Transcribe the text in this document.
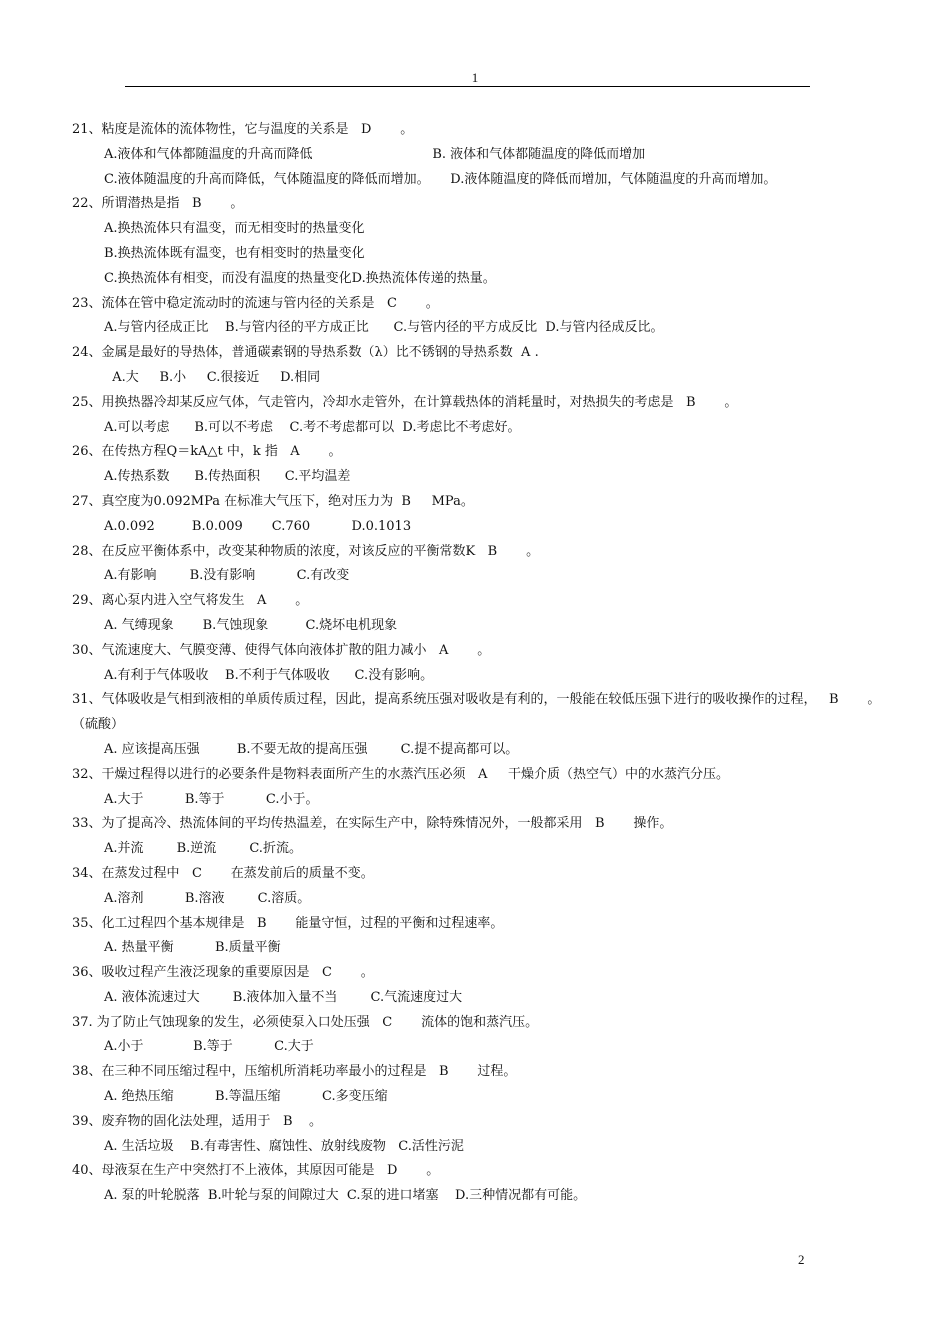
1
21、粘度是流体的流体物性，它与温度的关系是   D       。
A.液体和气体都随温度的升高而降低                             B. 液体和气体都随温度的降低而增加
C.液体随温度的升高而降低，气体随温度的降低而增加。     D.液体随温度的降低而增加，气体随温度的升高而增加。
22、所谓潜热是指   B       。
A.换热流体只有温变，而无相变时的热量变化
B.换热流体既有温变，也有相变时的热量变化
C.换热流体有相变，而没有温度的热量变化D.换热流体传递的热量。
23、流体在管中稳定流动时的流速与管内径的关系是   C       。
A.与管内径成正比    B.与管内径的平方成正比      C.与管内径的平方成反比  D.与管内径成反比。
24、金属是最好的导热体，普通碳素钢的导热系数（λ）比不锈钢的导热系数  A .
A.大     B.小     C.很接近     D.相同
25、用换热器冷却某反应气体，气走管内，冷却水走管外，在计算载热体的消耗量时，对热损失的考虑是   B       。
A.可以考虑      B.可以不考虑    C.考不考虑都可以  D.考虑比不考虑好。
26、在传热方程Q＝kA△t 中，k 指   A       。
A.传热系数      B.传热面积      C.平均温差
27、真空度为0.092MPa 在标准大气压下，绝对压力为  B     MPa。
A.0.092         B.0.009       C.760          D.0.1013
28、在反应平衡体系中，改变某种物质的浓度，对该反应的平衡常数K   B       。
A.有影响        B.没有影响          C.有改变
29、离心泵内进入空气将发生   A       。
A. 气缚现象       B.气蚀现象         C.烧坏电机现象
30、气流速度大、气膜变薄、使得气体向液体扩散的阻力减小   A       。
A.有利于气体吸收    B.不利于气体吸收      C.没有影响。
31、气体吸收是气相到液相的单质传质过程，因此，提高系统压强对吸收是有利的，一般能在较低压强下进行的吸收操作的过程，   B       。（硫酸）
A. 应该提高压强         B.不要无故的提高压强        C.提不提高都可以。
32、干燥过程得以进行的必要条件是物料表面所产生的水蒸汽压必须   A     干燥介质（热空气）中的水蒸汽分压。
A.大于          B.等于          C.小于。
33、为了提高冷、热流体间的平均传热温差，在实际生产中，除特殊情况外，一般都采用   B       操作。
A.并流        B.逆流        C.折流。
34、在蒸发过程中   C       在蒸发前后的质量不变。
A.溶剂          B.溶液        C.溶质。
35、化工过程四个基本规律是   B       能量守恒，过程的平衡和过程速率。
A. 热量平衡          B.质量平衡
36、吸收过程产生液泛现象的重要原因是   C       。
A. 液体流速过大        B.液体加入量不当        C.气流速度过大
37. 为了防止气蚀现象的发生，必须使泵入口处压强   C       流体的饱和蒸汽压。
A.小于            B.等于          C.大于
38、在三种不同压缩过程中，压缩机所消耗功率最小的过程是   B       过程。
A. 绝热压缩          B.等温压缩          C.多变压缩
39、废弃物的固化法处理，适用于   B    。
A. 生活垃圾    B.有毒害性、腐蚀性、放射线废物   C.活性污泥
40、母液泵在生产中突然打不上液体，其原因可能是   D       。
A. 泵的叶轮脱落  B.叶轮与泵的间隙过大  C.泵的进口堵塞    D.三种情况都有可能。
2
